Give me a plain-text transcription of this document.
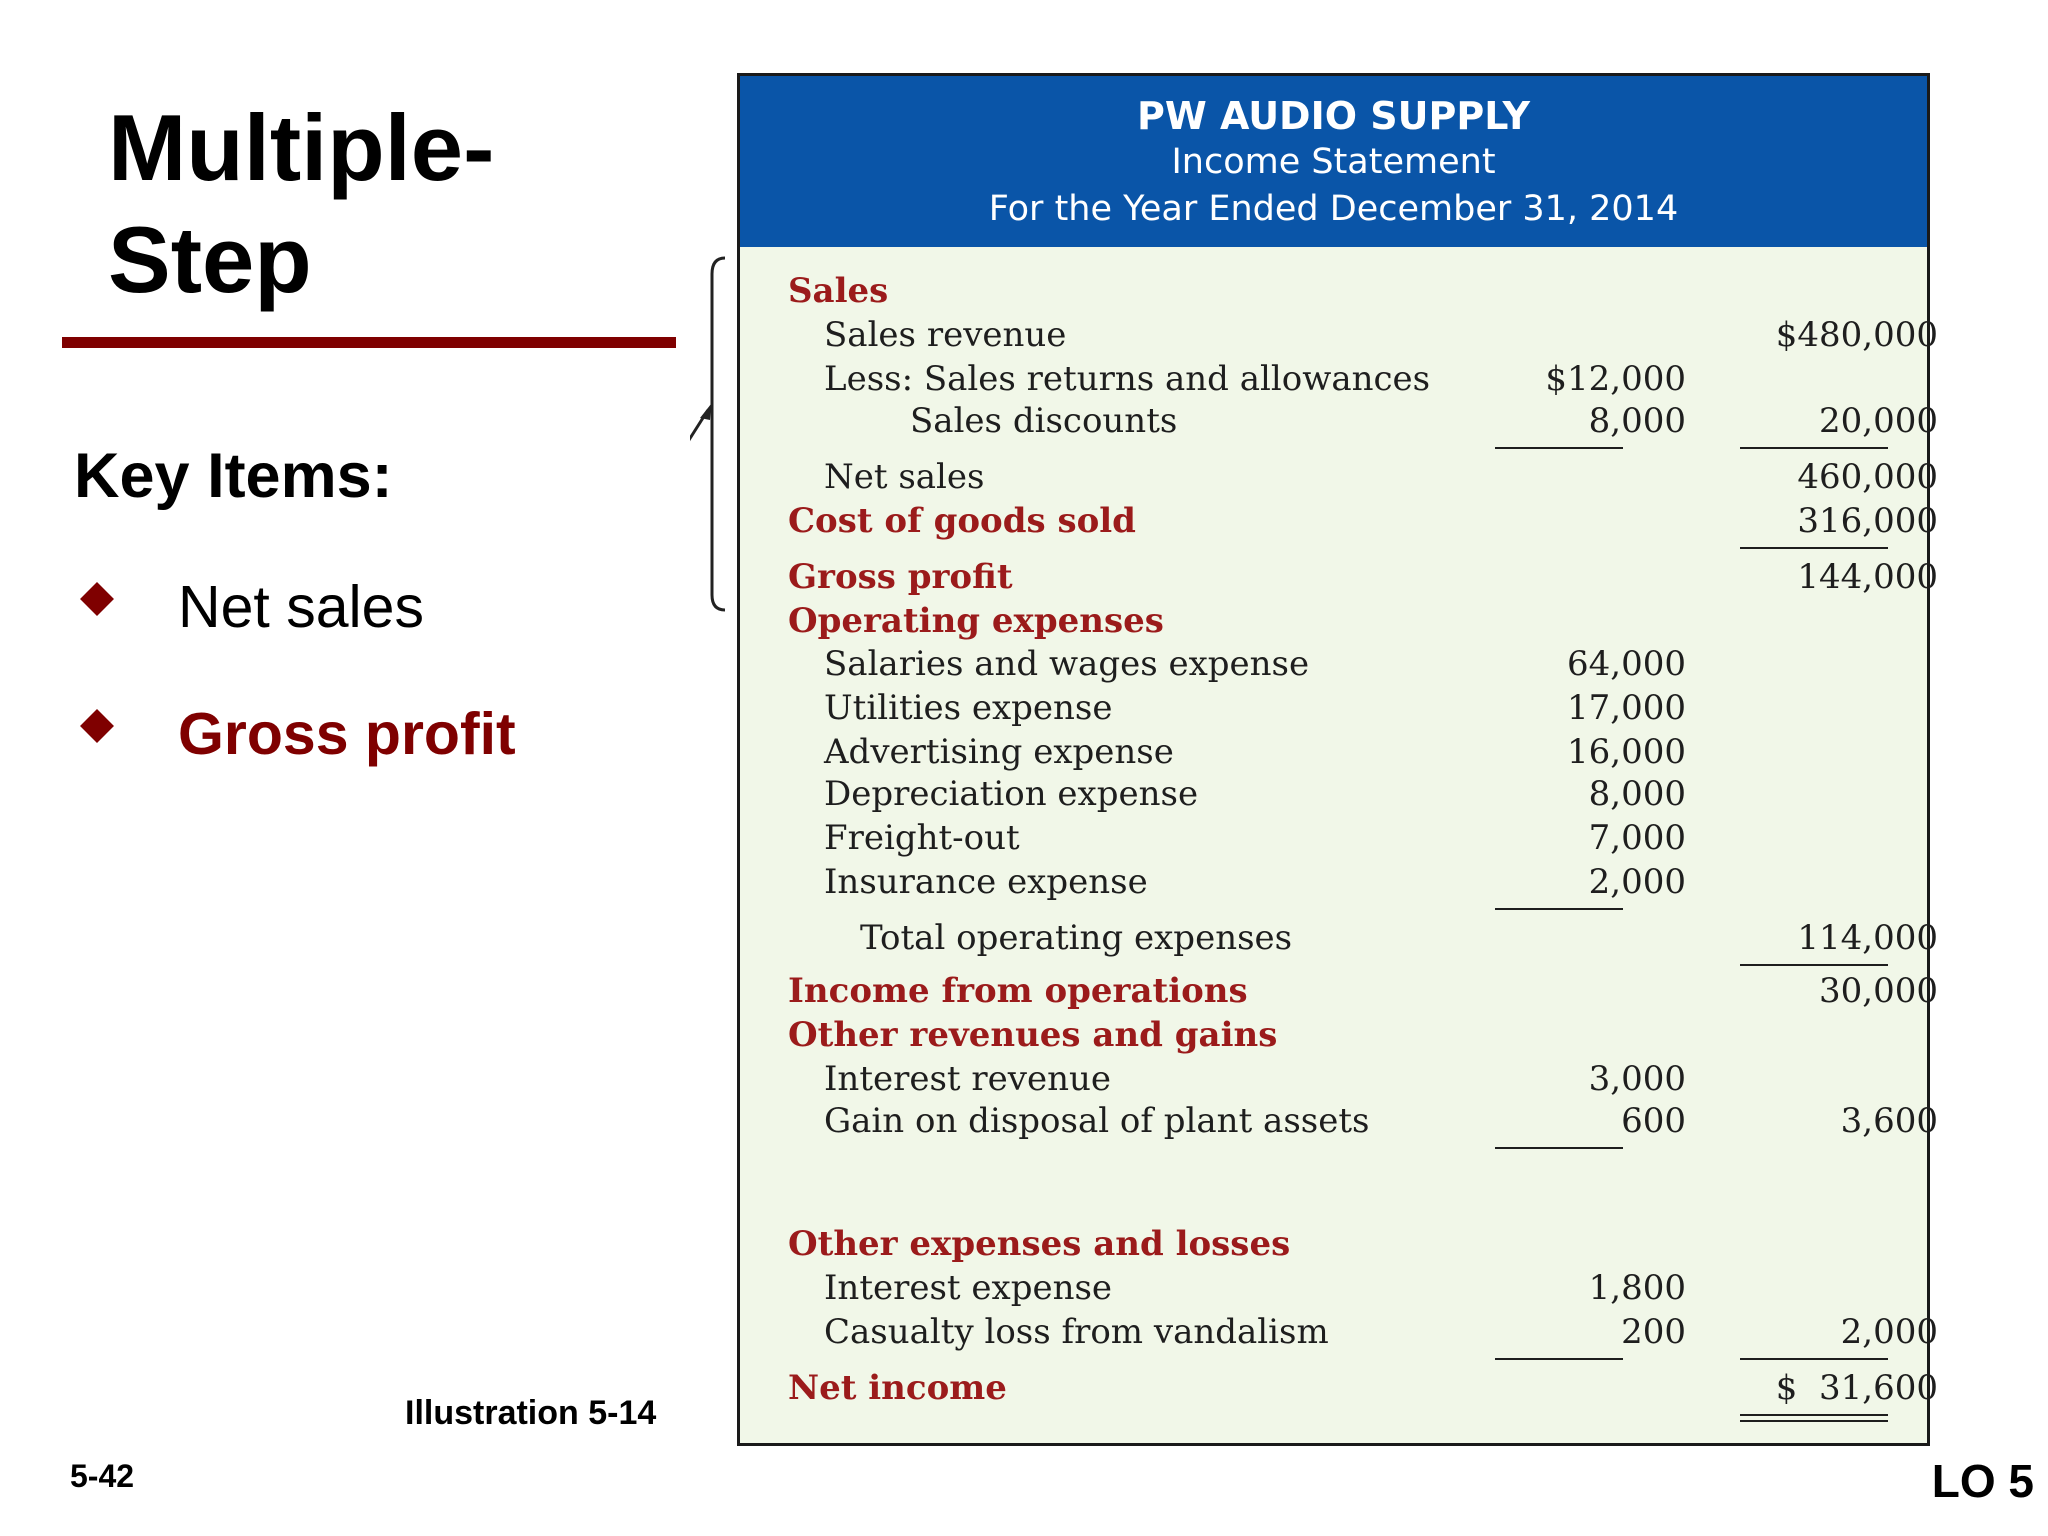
Multiple-
Step
Key Items:
Net sales
Gross profit
Illustration 5-14
5-42	LO 5
PW AUDIO SUPPLY
Income Statement
For the Year Ended December 31, 2014
Sales
Sales revenue
Less: Sales returns and allowances
Sales discounts
Net sales
Cost of goods sold
Gross profit
Operating expenses
Salaries and wages expense
Utilities expense
Advertising expense
Depreciation expense
Freight-out
Insurance expense
Total operating expenses
Income from operations
Other revenues and gains
Interest revenue
Gain on disposal of plant assets
Other expenses and losses
Interest expense
Casualty loss from vandalism
Net income
$12,000
8,000
64,000
17,000
16,000
8,000
7,000
2,000
3,000
600
1,800
200
$480,000
20,000
460,000
316,000
144,000
114,000
30,000
3,600
2,000
$  31,600
